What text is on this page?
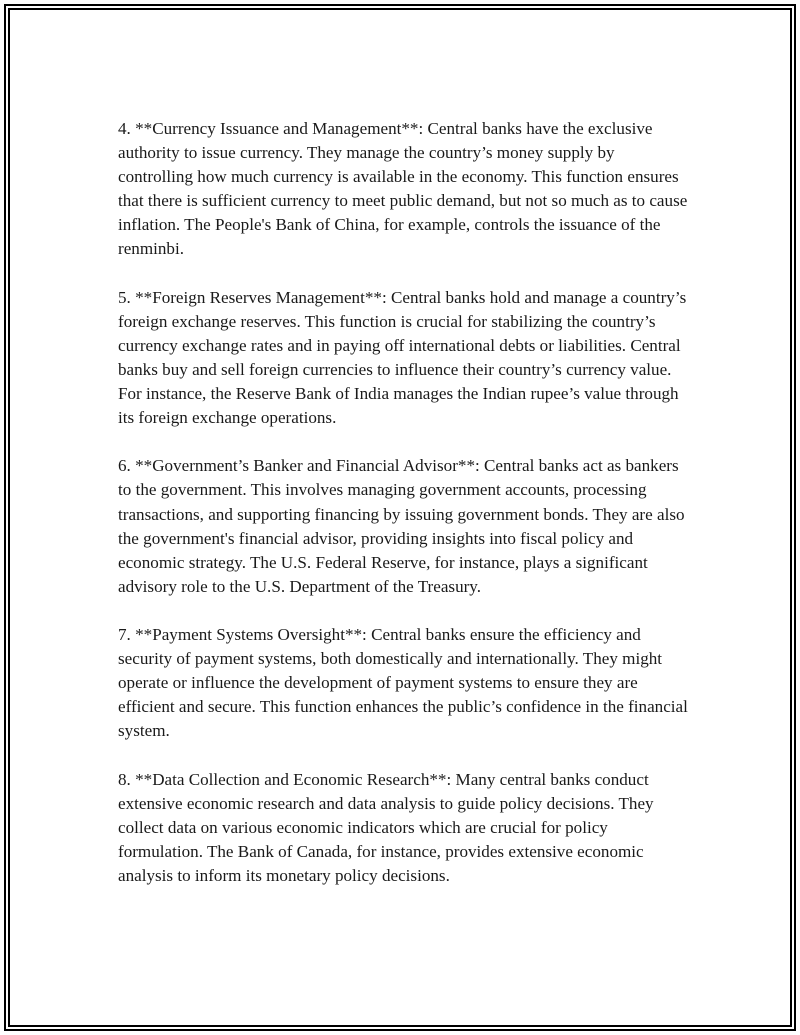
4. **Currency Issuance and Management**: Central banks have the exclusive authority to issue currency. They manage the country’s money supply by controlling how much currency is available in the economy. This function ensures that there is sufficient currency to meet public demand, but not so much as to cause inflation. The People's Bank of China, for example, controls the issuance of the renminbi.

5. **Foreign Reserves Management**: Central banks hold and manage a country’s foreign exchange reserves. This function is crucial for stabilizing the country’s currency exchange rates and in paying off international debts or liabilities. Central banks buy and sell foreign currencies to influence their country’s currency value. For instance, the Reserve Bank of India manages the Indian rupee’s value through its foreign exchange operations.

6. **Government’s Banker and Financial Advisor**: Central banks act as bankers to the government. This involves managing government accounts, processing transactions, and supporting financing by issuing government bonds. They are also the government's financial advisor, providing insights into fiscal policy and economic strategy. The U.S. Federal Reserve, for instance, plays a significant advisory role to the U.S. Department of the Treasury.

7. **Payment Systems Oversight**: Central banks ensure the efficiency and security of payment systems, both domestically and internationally. They might operate or influence the development of payment systems to ensure they are efficient and secure. This function enhances the public’s confidence in the financial system.

8. **Data Collection and Economic Research**: Many central banks conduct extensive economic research and data analysis to guide policy decisions. They collect data on various economic indicators which are crucial for policy formulation. The Bank of Canada, for instance, provides extensive economic analysis to inform its monetary policy decisions.
